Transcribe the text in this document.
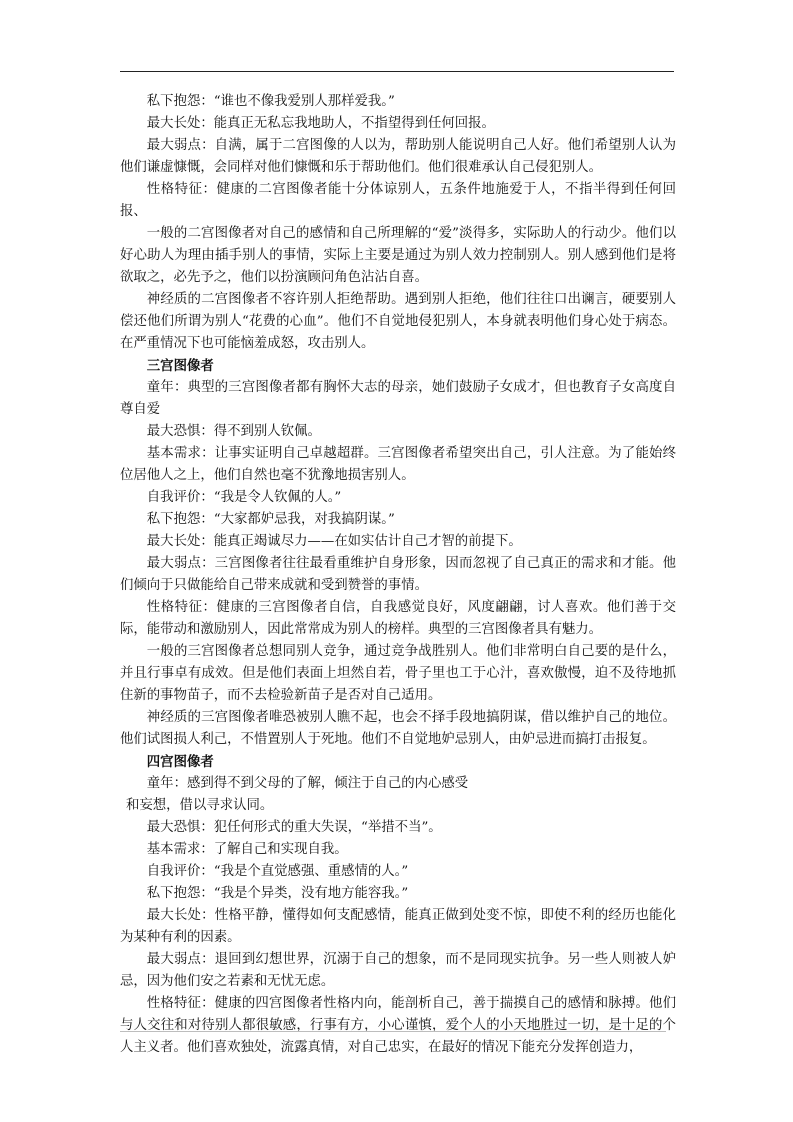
私下抱怨：“谁也不像我爱别人那样爱我。”

最大长处：能真正无私忘我地助人，不指望得到任何回报。

最大弱点：自满，属于二宫图像的人以为，帮助别人能说明自己人好。他们希望别人认为他们谦虚慷慨，会同样对他们慷慨和乐于帮助他们。他们很难承认自己侵犯别人。

性格特征：健康的二宫图像者能十分体谅别人，五条件地施爱于人，不指半得到任何回报、

一般的二宫图像者对自己的感情和自己所理解的“爱”淡得多，实际助人的行动少。他们以好心助人为理由插手别人的事情，实际上主要是通过为别人效力控制别人。别人感到他们是将欲取之，必先予之，他们以扮演顾问角色沾沾自喜。

神经质的二宫图像者不容许别人拒绝帮助。遇到别人拒绝，他们往往口出谰言，硬要别人偿还他们所谓为别人“花费的心血”。他们不自觉地侵犯别人，本身就表明他们身心处于病态。在严重情况下也可能恼羞成怒，攻击别人。

三宫图像者

童年：典型的三宫图像者都有胸怀大志的母亲，她们鼓励子女成才，但也教育子女高度自尊自爱

最大恐惧：得不到别人钦佩。

基本需求：让事实证明自己卓越超群。三宫图像者希望突出自己，引人注意。为了能始终位居他人之上，他们自然也毫不犹豫地损害别人。

自我评价：“我是令人钦佩的人。”

私下抱怨：“大家都妒忌我，对我搞阴谋。”

最大长处：能真正竭诚尽力——在如实估计自己才智的前提下。

最大弱点：三宫图像者往往最看重维护自身形象，因而忽视了自己真正的需求和才能。他们倾向于只做能给自己带来成就和受到赞誉的事情。

性格特征：健康的三宫图像者自信，自我感觉良好，风度翩翩，讨人喜欢。他们善于交际，能带动和激励别人，因此常常成为别人的榜样。典型的三宫图像者具有魅力。

一般的三宫图像者总想同别人竞争，通过竞争战胜别人。他们非常明白自己要的是什么，并且行事卓有成效。但是他们表面上坦然自若，骨子里也工于心汁，喜欢傲慢，迫不及待地抓住新的事物苗子，而不去检验新苗子是否对自己适用。

神经质的三宫图像者唯恐被别人瞧不起，也会不择手段地搞阴谋，借以维护自己的地位。他们试图损人利己，不惜置别人于死地。他们不自觉地妒忌别人，由妒忌进而搞打击报复。

四宫图像者

童年：感到得不到父母的了解，倾注于自己的内心感受

和妄想，借以寻求认同。

最大恐惧：犯任何形式的重大失误，“举措不当”。

基本需求：了解自己和实现自我。

自我评价：“我是个直觉感强、重感情的人。”

私下抱怨：“我是个异类，没有地方能容我。”

最大长处：性格平静，懂得如何支配感情，能真正做到处变不惊，即使不利的经历也能化为某种有利的因素。

最大弱点：退回到幻想世界，沉溺于自己的想象，而不是同现实抗争。另一些人则被人妒忌，因为他们安之若素和无忧无虑。

性格特征：健康的四宫图像者性格内向，能剖析自己，善于揣摸自己的感情和脉搏。他们与人交往和对待别人都很敏感，行事有方，小心谨慎，爱个人的小天地胜过一切，是十足的个人主义者。他们喜欢独处，流露真情，对自己忠实，在最好的情况下能充分发挥创造力，
